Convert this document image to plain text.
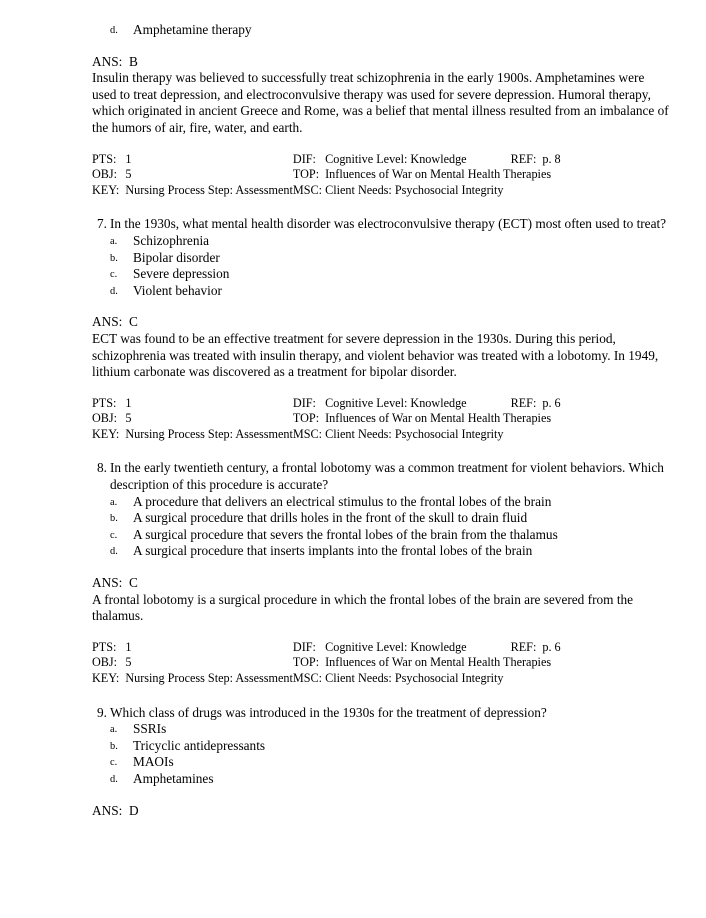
d. Amphetamine therapy
ANS: B
Insulin therapy was believed to successfully treat schizophrenia in the early 1900s. Amphetamines were used to treat depression, and electroconvulsive therapy was used for severe depression. Humoral therapy, which originated in ancient Greece and Rome, was a belief that mental illness resulted from an imbalance of the humors of air, fire, water, and earth.
PTS:	1		DIF:	Cognitive Level: Knowledge	REF:	p. 8
OBJ:	5		TOP:	Influences of War on Mental Health Therapies		
KEY:	Nursing Process Step: Assessment		MSC:	Client Needs: Psychosocial Integrity		
7. In the 1930s, what mental health disorder was electroconvulsive therapy (ECT) most often used to treat?
a. Schizophrenia
b. Bipolar disorder
c. Severe depression
d. Violent behavior
ANS: C
ECT was found to be an effective treatment for severe depression in the 1930s. During this period, schizophrenia was treated with insulin therapy, and violent behavior was treated with a lobotomy. In 1949, lithium carbonate was discovered as a treatment for bipolar disorder.
PTS:	1		DIF:	Cognitive Level: Knowledge	REF:	p. 6
OBJ:	5		TOP:	Influences of War on Mental Health Therapies		
KEY:	Nursing Process Step: Assessment		MSC:	Client Needs: Psychosocial Integrity		
8. In the early twentieth century, a frontal lobotomy was a common treatment for violent behaviors. Which description of this procedure is accurate?
a. A procedure that delivers an electrical stimulus to the frontal lobes of the brain
b. A surgical procedure that drills holes in the front of the skull to drain fluid
c. A surgical procedure that severs the frontal lobes of the brain from the thalamus
d. A surgical procedure that inserts implants into the frontal lobes of the brain
ANS: C
A frontal lobotomy is a surgical procedure in which the frontal lobes of the brain are severed from the thalamus.
PTS:	1		DIF:	Cognitive Level: Knowledge	REF:	p. 6
OBJ:	5		TOP:	Influences of War on Mental Health Therapies		
KEY:	Nursing Process Step: Assessment		MSC:	Client Needs: Psychosocial Integrity		
9. Which class of drugs was introduced in the 1930s for the treatment of depression?
a. SSRIs
b. Tricyclic antidepressants
c. MAOIs
d. Amphetamines
ANS: D
